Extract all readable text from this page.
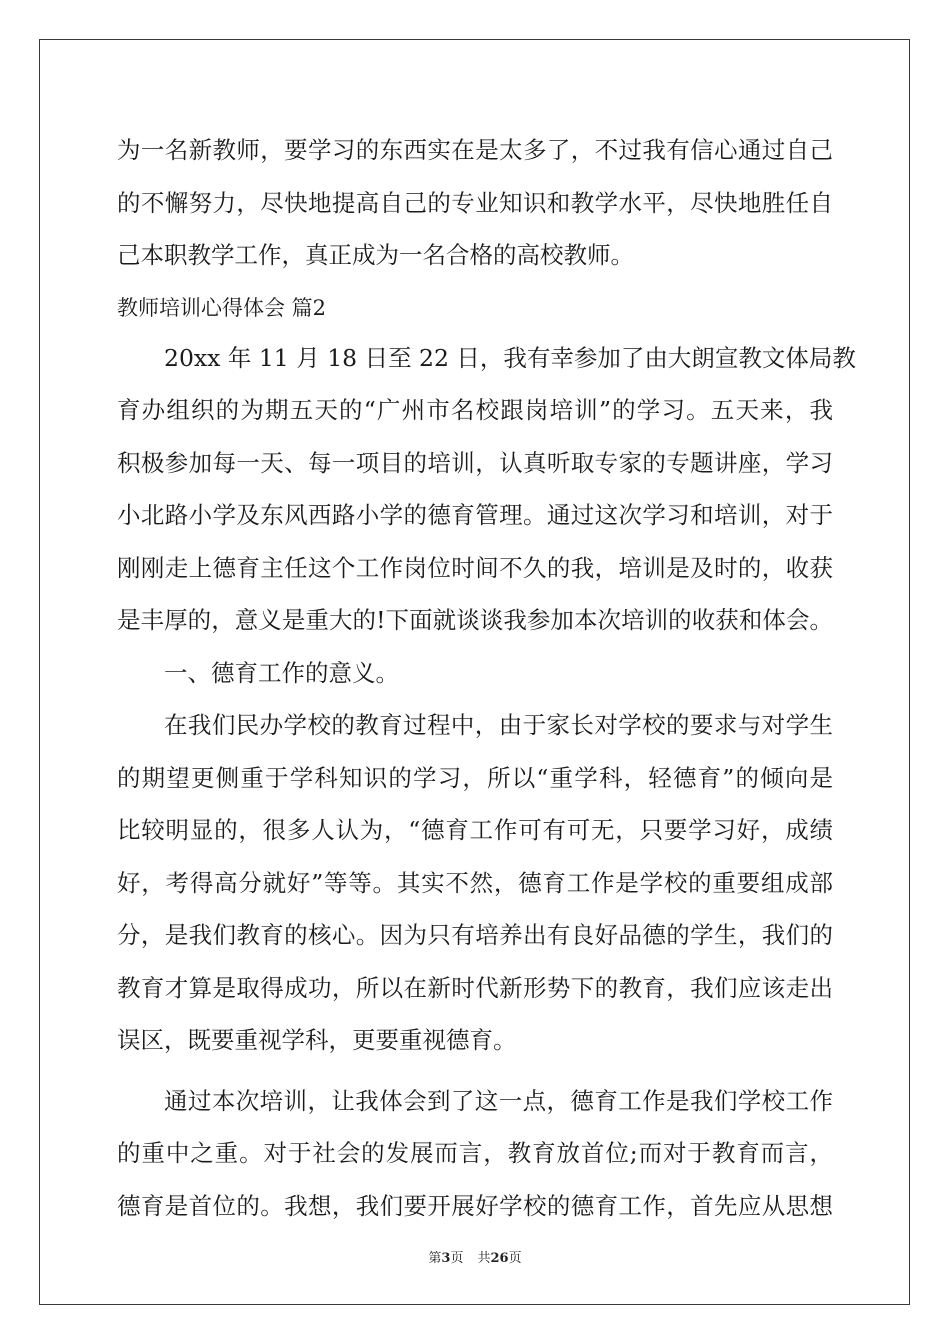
为一名新教师，要学习的东西实在是太多了，不过我有信心通过自己
的不懈努力，尽快地提高自己的专业知识和教学水平，尽快地胜任自
己本职教学工作，真正成为一名合格的高校教师。
教师培训心得体会 篇2
20xx 年 11 月 18 日至 22 日，我有幸参加了由大朗宣教文体局教
育办组织的为期五天的“广州市名校跟岗培训”的学习。五天来，我
积极参加每一天、每一项目的培训，认真听取专家的专题讲座，学习
小北路小学及东风西路小学的德育管理。通过这次学习和培训，对于
刚刚走上德育主任这个工作岗位时间不久的我，培训是及时的，收获
是丰厚的，意义是重大的!下面就谈谈我参加本次培训的收获和体会。
一、德育工作的意义。
在我们民办学校的教育过程中，由于家长对学校的要求与对学生
的期望更侧重于学科知识的学习，所以“重学科，轻德育”的倾向是
比较明显的，很多人认为，“德育工作可有可无，只要学习好，成绩
好，考得高分就好”等等。其实不然，德育工作是学校的重要组成部
分，是我们教育的核心。因为只有培养出有良好品德的学生，我们的
教育才算是取得成功，所以在新时代新形势下的教育，我们应该走出
误区，既要重视学科，更要重视德育。
通过本次培训，让我体会到了这一点，德育工作是我们学校工作
的重中之重。对于社会的发展而言，教育放首位;而对于教育而言，
德育是首位的。我想，我们要开展好学校的德育工作，首先应从思想
第3页 共26页
